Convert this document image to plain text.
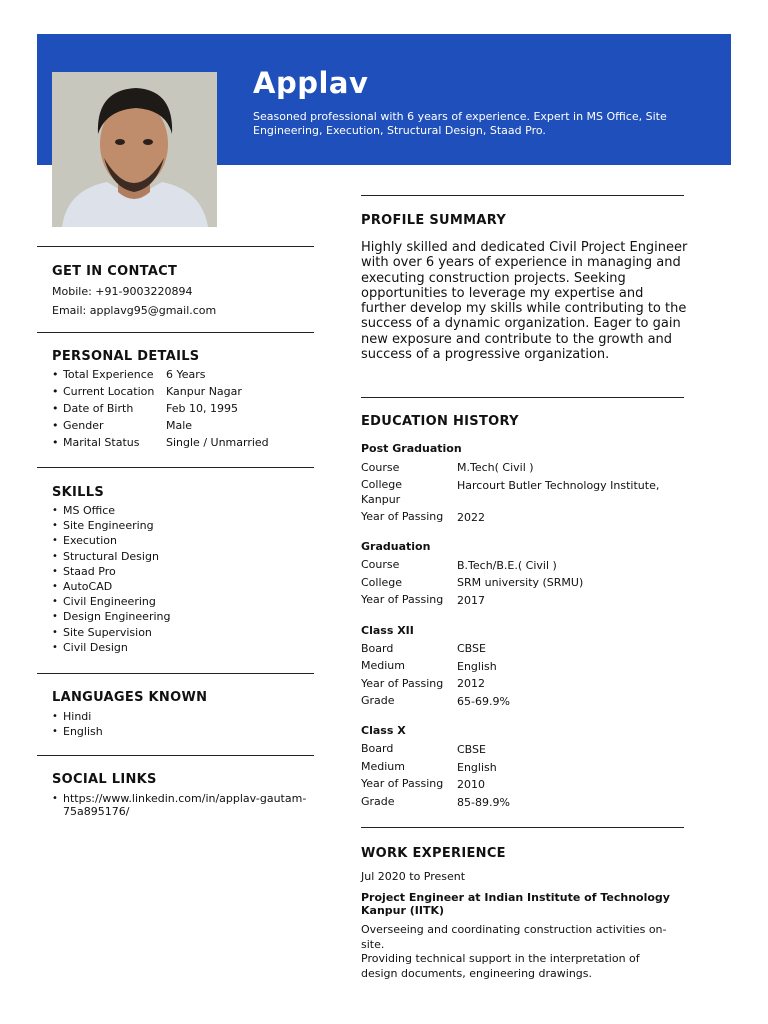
Applav
Seasoned professional with 6 years of experience. Expert in MS Office, Site Engineering, Execution, Structural Design, Staad Pro.
GET IN CONTACT
Mobile: +91-9003220894
Email: applavg95@gmail.com
PERSONAL DETAILS
•	Total Experience	6 Years
•	Current Location	Kanpur Nagar
•	Date of Birth	Feb 10, 1995
•	Gender	Male
•	Marital Status	Single / Unmarried
SKILLS
• MS Office
• Site Engineering
• Execution
• Structural Design
• Staad Pro
• AutoCAD
• Civil Engineering
• Design Engineering
• Site Supervision
• Civil Design
LANGUAGES KNOWN
• Hindi
• English
SOCIAL LINKS
• https://www.linkedin.com/in/applav-gautam-75a895176/
PROFILE SUMMARY
Highly skilled and dedicated Civil Project Engineer with over 6 years of experience in managing and executing construction projects. Seeking opportunities to leverage my expertise and further develop my skills while contributing to the success of a dynamic organization. Eager to gain new exposure and contribute to the growth and success of a progressive organization.
EDUCATION HISTORY
Post Graduation
Course	M.Tech( Civil )
College	Harcourt Butler Technology Institute,
Kanpur
Year of Passing 2022
Graduation
Course	B.Tech/B.E.( Civil )
College	SRM university (SRMU)
Year of Passing 2017
Class XII
Board	CBSE
Medium	English
Year of Passing 2012
Grade	65-69.9%
Class X
Board	CBSE
Medium	English
Year of Passing 2010
Grade	85-89.9%
WORK EXPERIENCE
Jul 2020 to Present
Project Engineer at Indian Institute of Technology Kanpur (IITK)
Overseeing and coordinating construction activities on-site.
Providing technical support in the interpretation of design documents, engineering drawings.
